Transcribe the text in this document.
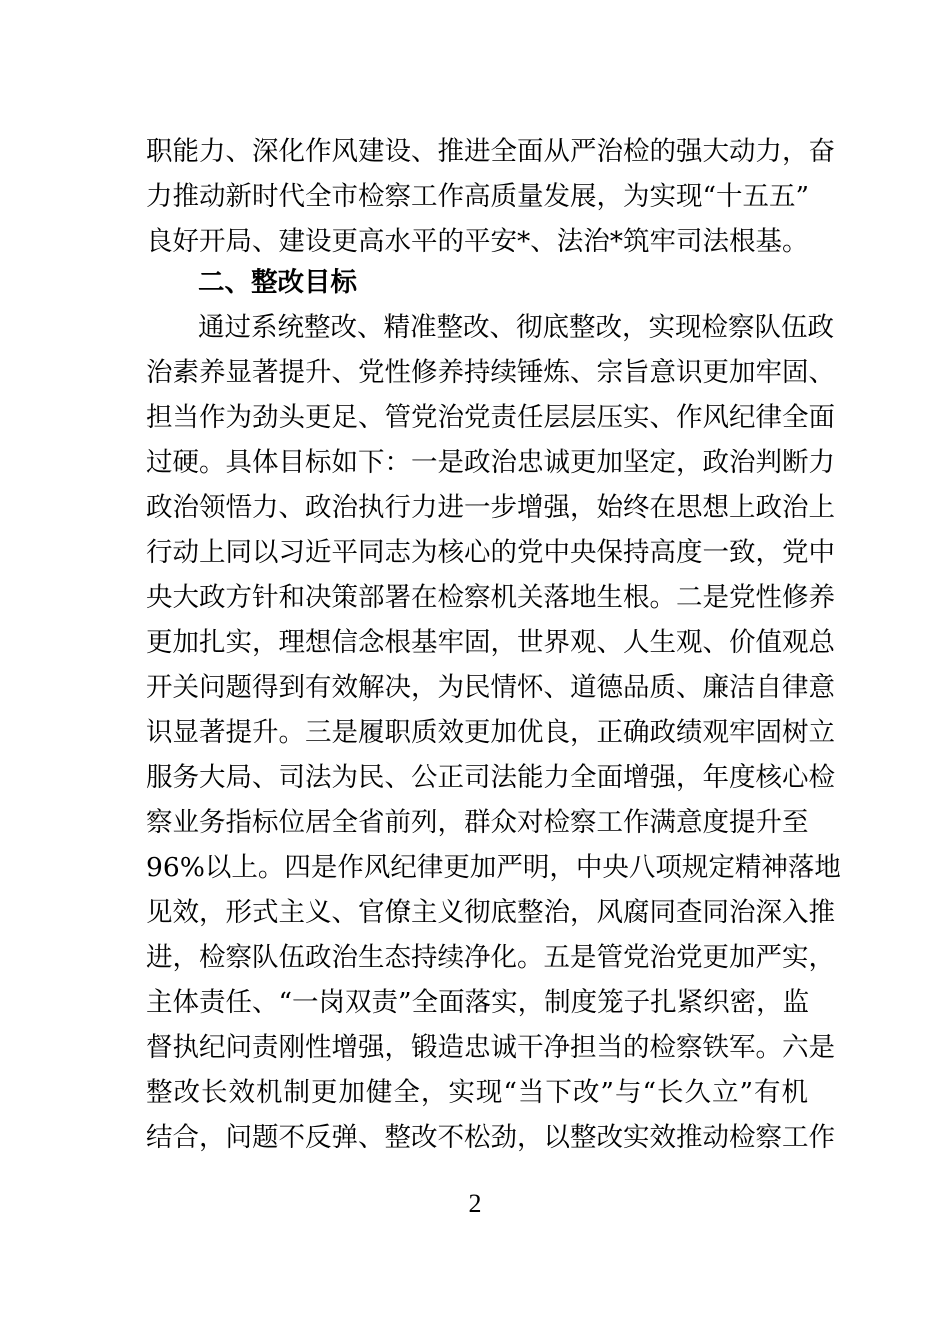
职能力、深化作风建设、推进全面从严治检的强大动力，奋
力推动新时代全市检察工作高质量发展，为实现“十五五”
良好开局、建设更高水平的平安*、法治*筑牢司法根基。
二、整改目标
通过系统整改、精准整改、彻底整改，实现检察队伍政
治素养显著提升、党性修养持续锤炼、宗旨意识更加牢固、
担当作为劲头更足、管党治党责任层层压实、作风纪律全面
过硬。具体目标如下：一是政治忠诚更加坚定，政治判断力
政治领悟力、政治执行力进一步增强，始终在思想上政治上
行动上同以习近平同志为核心的党中央保持高度一致，党中
央大政方针和决策部署在检察机关落地生根。二是党性修养
更加扎实，理想信念根基牢固，世界观、人生观、价值观总
开关问题得到有效解决，为民情怀、道德品质、廉洁自律意
识显著提升。三是履职质效更加优良，正确政绩观牢固树立
服务大局、司法为民、公正司法能力全面增强，年度核心检
察业务指标位居全省前列，群众对检察工作满意度提升至
96%以上。四是作风纪律更加严明，中央八项规定精神落地
见效，形式主义、官僚主义彻底整治，风腐同查同治深入推
进，检察队伍政治生态持续净化。五是管党治党更加严实，
主体责任、“一岗双责”全面落实，制度笼子扎紧织密，监
督执纪问责刚性增强，锻造忠诚干净担当的检察铁军。六是
整改长效机制更加健全，实现“当下改”与“长久立”有机
结合，问题不反弹、整改不松劲，以整改实效推动检察工作
2
